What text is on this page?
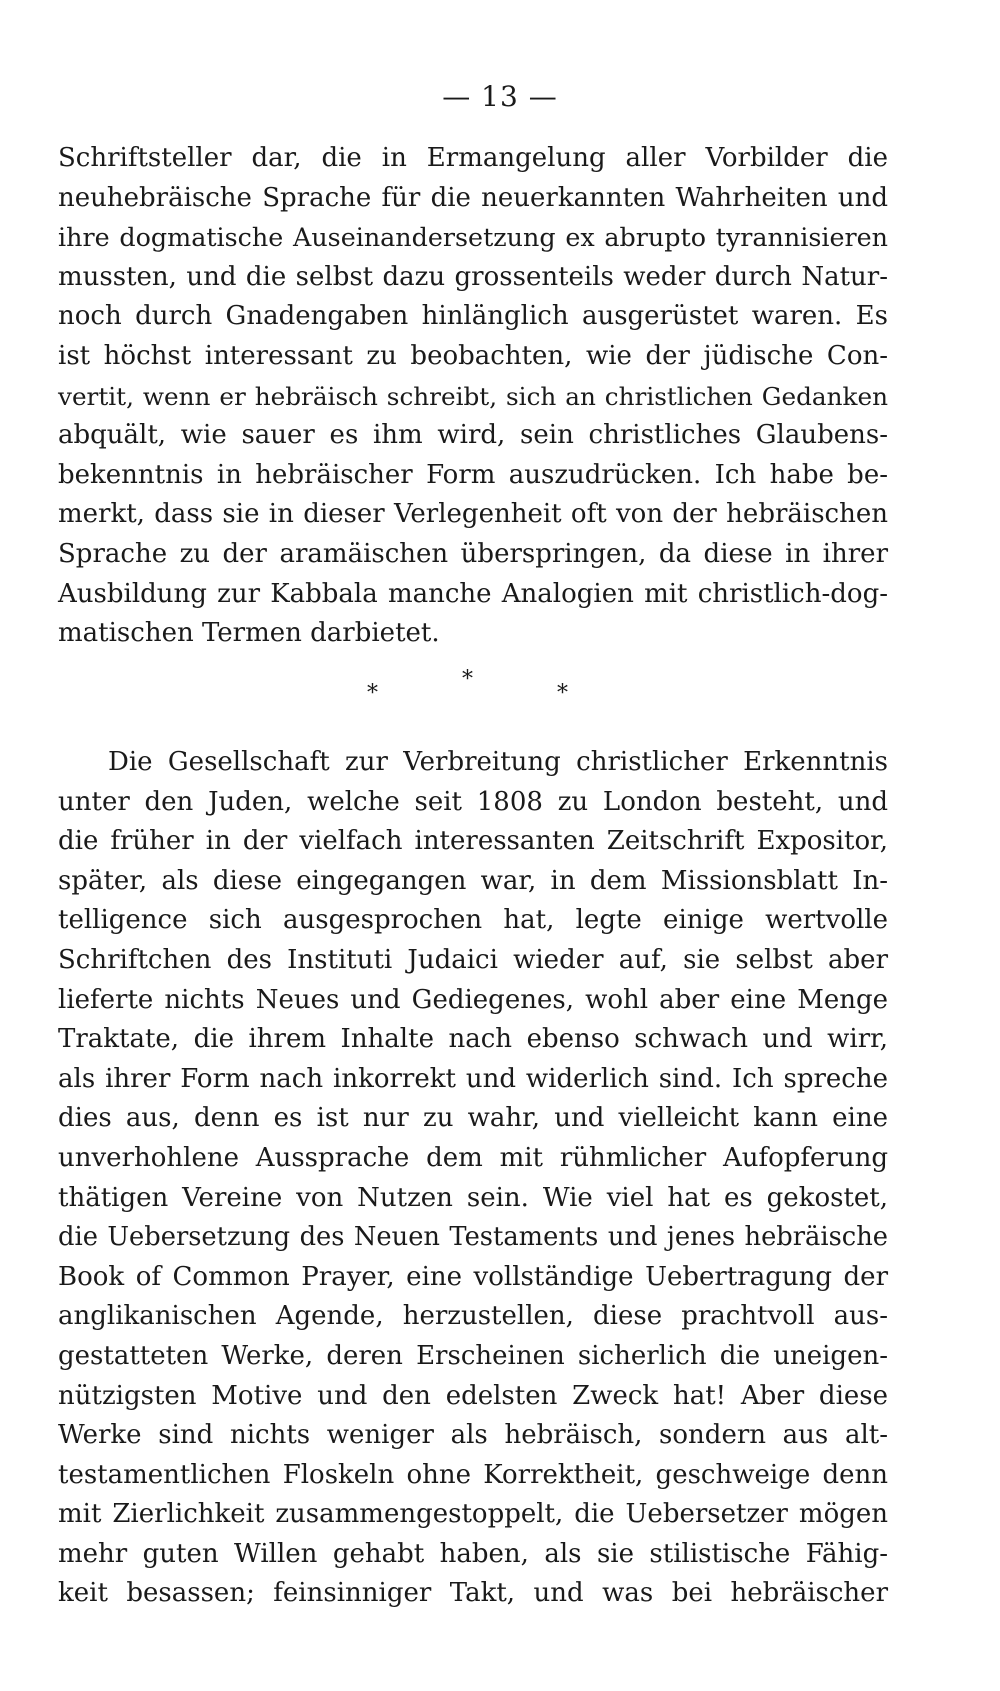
— 13 —
Schriftsteller dar, die in Ermangelung aller Vorbilder die
neuhebräische Sprache für die neuerkannten Wahrheiten und
ihre dogmatische Auseinandersetzung ex abrupto tyrannisieren
mussten, und die selbst dazu grossenteils weder durch Natur-
noch durch Gnadengaben hinlänglich ausgerüstet waren. Es
ist höchst interessant zu beobachten, wie der jüdische Con-
vertit, wenn er hebräisch schreibt, sich an christlichen Gedanken
abquält, wie sauer es ihm wird, sein christliches Glaubens-
bekenntnis in hebräischer Form auszudrücken. Ich habe be-
merkt, dass sie in dieser Verlegenheit oft von der hebräischen
Sprache zu der aramäischen überspringen, da diese in ihrer
Ausbildung zur Kabbala manche Analogien mit christlich-dog-
matischen Termen darbietet.
*
*
*
Die Gesellschaft zur Verbreitung christlicher Erkenntnis
unter den Juden, welche seit 1808 zu London besteht, und
die früher in der vielfach interessanten Zeitschrift Expositor,
später, als diese eingegangen war, in dem Missionsblatt In-
telligence sich ausgesprochen hat, legte einige wertvolle
Schriftchen des Instituti Judaici wieder auf, sie selbst aber
lieferte nichts Neues und Gediegenes, wohl aber eine Menge
Traktate, die ihrem Inhalte nach ebenso schwach und wirr,
als ihrer Form nach inkorrekt und widerlich sind. Ich spreche
dies aus, denn es ist nur zu wahr, und vielleicht kann eine
unverhohlene Aussprache dem mit rühmlicher Aufopferung
thätigen Vereine von Nutzen sein. Wie viel hat es gekostet,
die Uebersetzung des Neuen Testaments und jenes hebräische
Book of Common Prayer, eine vollständige Uebertragung der
anglikanischen Agende, herzustellen, diese prachtvoll aus-
gestatteten Werke, deren Erscheinen sicherlich die uneigen-
nützigsten Motive und den edelsten Zweck hat! Aber diese
Werke sind nichts weniger als hebräisch, sondern aus alt-
testamentlichen Floskeln ohne Korrektheit, geschweige denn
mit Zierlichkeit zusammengestoppelt, die Uebersetzer mögen
mehr guten Willen gehabt haben, als sie stilistische Fähig-
keit besassen; feinsinniger Takt, und was bei hebräischer
